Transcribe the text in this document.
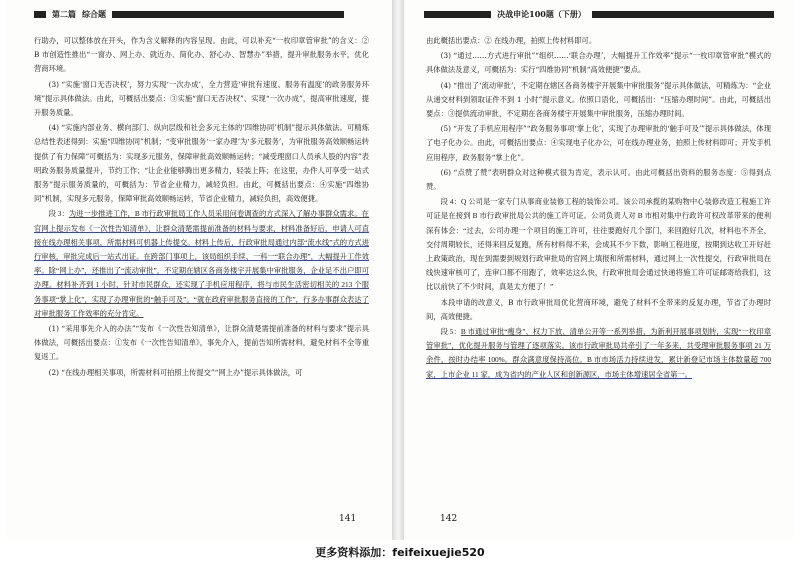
第二篇 综合题

行助办，可以整体放在开头，作为含义解释的内容呈现。由此，可以补充“一枚印章管审批”的含义：② B 市创造性推出“一窗办、网上办、就近办、简化办、舒心办、智慧办”举措，提升审批服务水平，优化营商环境。

(3) “实施‘窗口无否决权’，努力实现‘一次办成’，全力营造‘审批有速度、服务有温度’的政务服务环境”提示具体做法。由此，可概括出要点：③实施“窗口无否决权”、实现“一次办成”，提高审批速度，提升服务质量。

(4) “实施内部业务、横向部门、纵向层级和社会多元主体的‘四维协同’机制”提示具体做法。可精炼总结性表述得到：实施“四维协同”机制；“变审批服务‘一家办理’为‘多元服务’，为审批服务高效顺畅运转提供了有力保障”可概括为：实现多元服务，保障审批高效顺畅运转；“减受理窗口人员承人股的内容”表明政务服务质量提升，节约工作；“让企业能够腾出更多精力，轻装上阵；在这里，办件人可享受一站式服务”提示服务质量的，可概括为：节省企业精力，减轻负担。由此，可概括出要点：④实施“四维协同”机制，实现多元服务，保障审批高效顺畅运转，节省企业精力，减轻负担，高效便捷。

段 3：为进一步推进工作，B 市行政审批局工作人员采用问卷调查的方式深入了解办事群众需求。在官网上提示发布《一次性告知清单》，让群众清楚需提前准备的材料与要求，材料准备好后，申请人可直接在线办理相关事项，所需材料可机器上传提交。材料上传后，行政审批局通过内部“流水线”式的方式进行审核，审批完成后一站式出证。在跨部门事项上，该局组织手续、一科一“联合办理”，大幅提升工作效率。除“网上办”，还推出了“流动审批”，不定期在辖区各商务楼宇开展集中审批服务，企业足不出户即可办理。材料补齐到 1 小时，针对市民群众，还实现了手机应用程序，将与市民生活密切相关的 213 个服务事项“掌上化”，实现了办理审批的“触手可及”。“就在政府审批服务直接的工作”，行多办事群众表达了对审批服务工作效率的充分肯定。

(1) “采用事先介入的办法”“发布《一次性告知清单》，让群众清楚需提前准备的材料与要求”提示具体做法，可概括出要点：①发布《一次性告知清单》，事先介入，提前告知所需材料，避免材料不全等重复返工。

(2) “在线办理相关事项，所需材料可拍照上传提交”“网上办”提示具体做法，可

141
决战申论100题（下册）

由此概括出要点：② 在线办理，拍照上传材料即可。

(3) “通过……方式进行审批”“组织……‘联合办理’，大幅提升工作效率”提示“一枚印章管审批”模式的具体做法及意义，可概括为：实行“四维协同”机制“高效便捷”要点。

(4) “推出了‘流动审批’，不定期在辖区各商务楼宇开展集中审批服务”提示具体做法，可精炼为：“企业从递交材料到领取证件不到 1 小时”提示意义。依照口语化，可概括出：“压缩办理时间”。由此，可概括出要点：③提供流动审批，不定期在各商务楼宇开展集中审批服务，压缩办理时间。

(5) “开发了手机应用程序”“政务服务事项‘掌上化’，实现了办理审批的‘触手可及’”提示具体做法，体现了电子化办公。由此，可概括出要点：④实现电子化办公，可在线办理业务，拍照上传材料即可；开发手机应用程序，政务服务“掌上化”。

(6) “点赞了赞”表明群众对这种模式很为肯定，表示认可。由此可概括出资料的服务态度：⑤得到点赞。

段 4：Q 公司是一家专门从事商业装修工程的装饰公司。该公司承揽的某购物中心装修改造工程施工许可证是在接到 B 市行政审批局公共的施工许可证。公司负责人对 B 市相对集中行政许可权改革带来的便利深有体会：“过去，公司办理一个项目的施工许可，往往要跑好几个部门，来回跑好几次，材料也不齐全，交付周期较长，还得来回反复跑，所有材料得不来，会成其不少下数，影响工程进度，按期到达收工开好赶上政策政治，现在到需要到规划行政审批局的官网上填报和所需材料，通过网上一次性提交，行政审批局在线快速审核可了，连审口都不用跑了，效率达这么快，行政审批局会通过快递将施工许可证邮寄给我们，这比以前快了不少时间，真是太方便了！”

本段申请的改意义，B 市行政审批局优化营商环境，避免了材料不全带来的反复办理，节省了办理时间，高效便捷。

段 5：B 市通过审批“瘦身”、权力下放、清单公开等一系列举措，为新利开展事项划转，实现“一枚印章管审批”，优化提升服务与管理了逐项落实。该市行政审批局共牵引了一年多来，共受理审批服务事项 21 万余件，按时办结率 100%。群众满意度保持高位。B 市市场活力持续迸发，累计新登记市场主体数量超 700 家，上市企业 11 家，成为省内的产业人区和创新源区，市场主体增速居全省第一。

142
更多资料添加：feifeixuejie520
